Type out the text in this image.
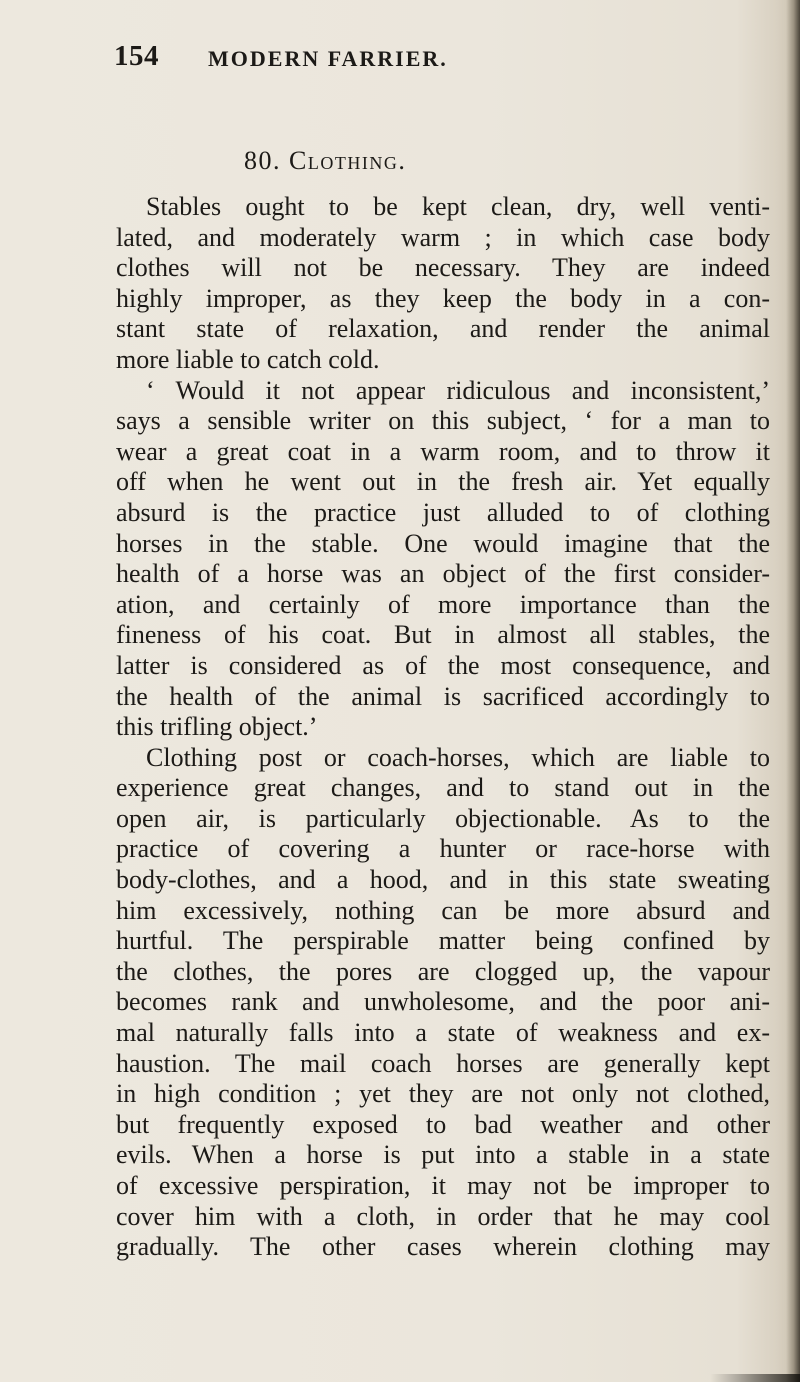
154 MODERN FARRIER.
80. Clothing.
Stables ought to be kept clean, dry, well venti-
lated, and moderately warm ; in which case body
clothes will not be necessary. They are indeed
highly improper, as they keep the body in a con-
stant state of relaxation, and render the animal
more liable to catch cold.
‘ Would it not appear ridiculous and inconsistent,’
says a sensible writer on this subject, ‘ for a man to
wear a great coat in a warm room, and to throw it
off when he went out in the fresh air. Yet equally
absurd is the practice just alluded to of clothing
horses in the stable. One would imagine that the
health of a horse was an object of the first consider-
ation, and certainly of more importance than the
fineness of his coat. But in almost all stables, the
latter is considered as of the most consequence, and
the health of the animal is sacrificed accordingly to
this trifling object.’
Clothing post or coach-horses, which are liable to
experience great changes, and to stand out in the
open air, is particularly objectionable. As to the
practice of covering a hunter or race-horse with
body-clothes, and a hood, and in this state sweating
him excessively, nothing can be more absurd and
hurtful. The perspirable matter being confined by
the clothes, the pores are clogged up, the vapour
becomes rank and unwholesome, and the poor ani-
mal naturally falls into a state of weakness and ex-
haustion. The mail coach horses are generally kept
in high condition ; yet they are not only not clothed,
but frequently exposed to bad weather and other
evils. When a horse is put into a stable in a state
of excessive perspiration, it may not be improper to
cover him with a cloth, in order that he may cool
gradually. The other cases wherein clothing may
